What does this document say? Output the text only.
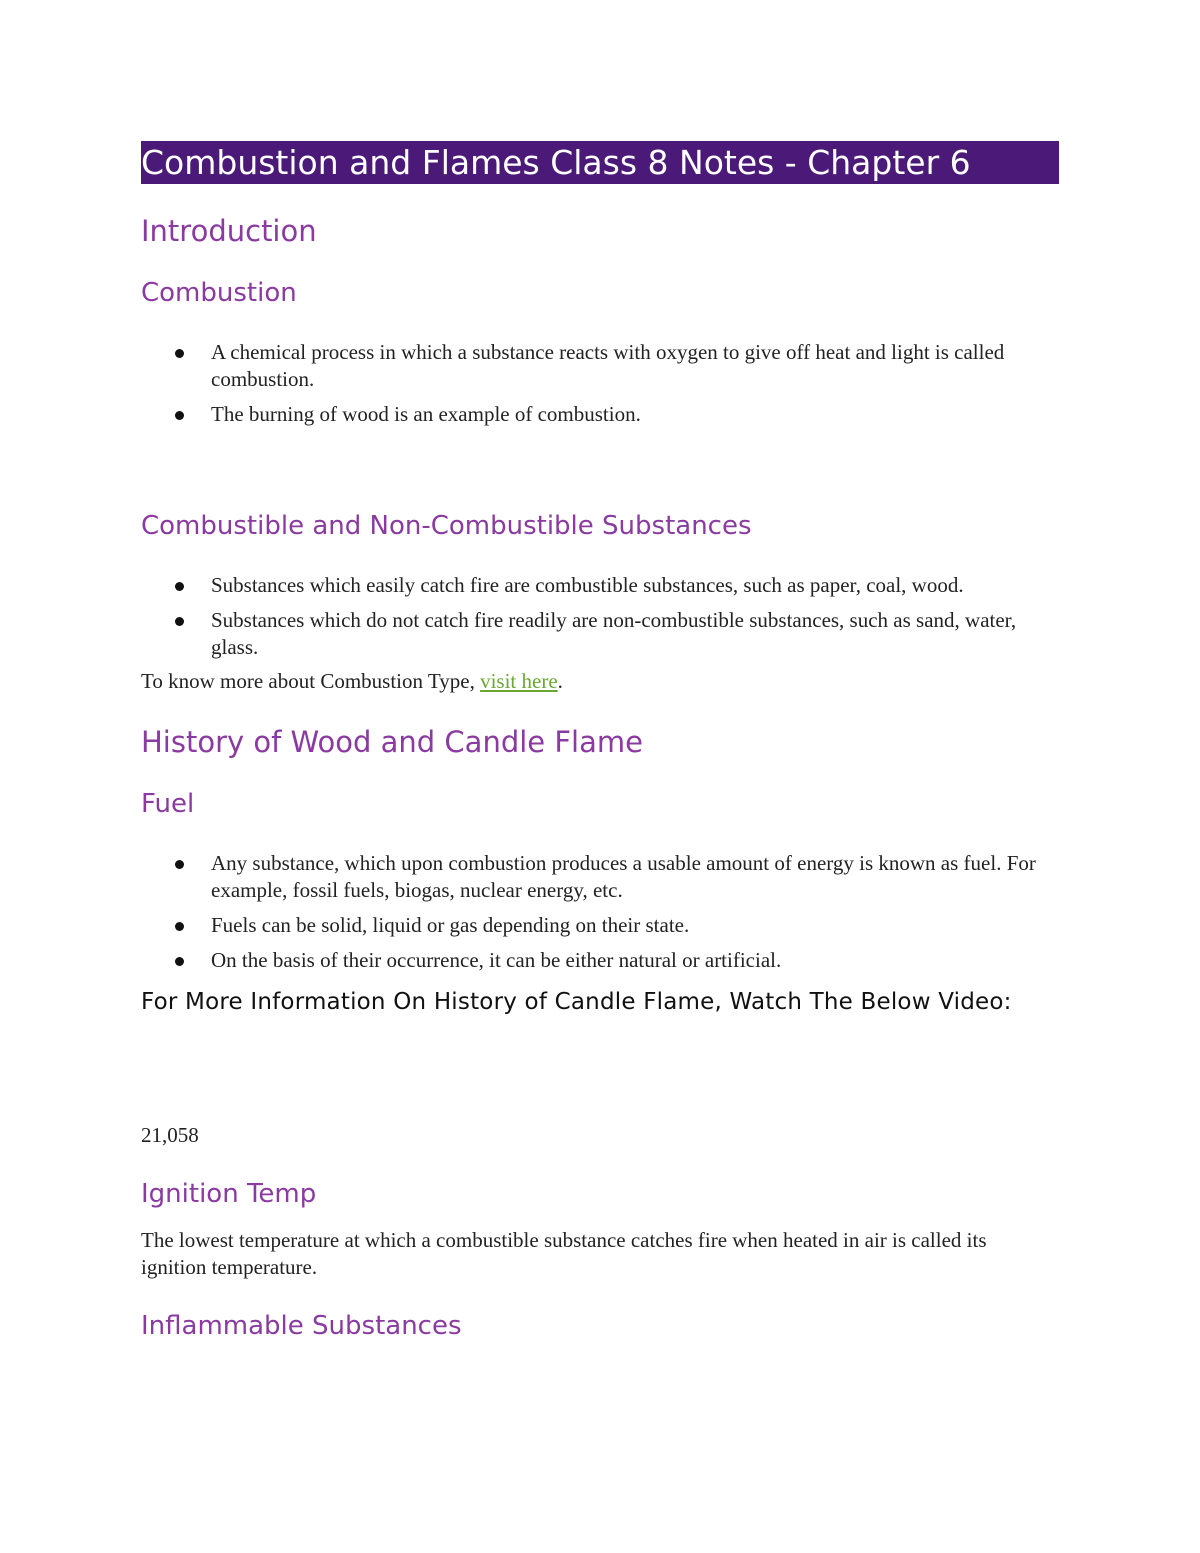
Combustion and Flames Class 8 Notes - Chapter 6
Introduction
Combustion
A chemical process in which a substance reacts with oxygen to give off heat and light is called combustion.
The burning of wood is an example of combustion.
Combustible and Non-Combustible Substances
Substances which easily catch fire are combustible substances, such as paper, coal, wood.
Substances which do not catch fire readily are non-combustible substances, such as sand, water, glass.
To know more about Combustion Type, visit here.
History of Wood and Candle Flame
Fuel
Any substance, which upon combustion produces a usable amount of energy is known as fuel. For example, fossil fuels, biogas, nuclear energy, etc.
Fuels can be solid, liquid or gas depending on their state.
On the basis of their occurrence, it can be either natural or artificial.
For More Information On History of Candle Flame, Watch The Below Video:
21,058
Ignition Temp
The lowest temperature at which a combustible substance catches fire when heated in air is called its ignition temperature.
Inflammable Substances
